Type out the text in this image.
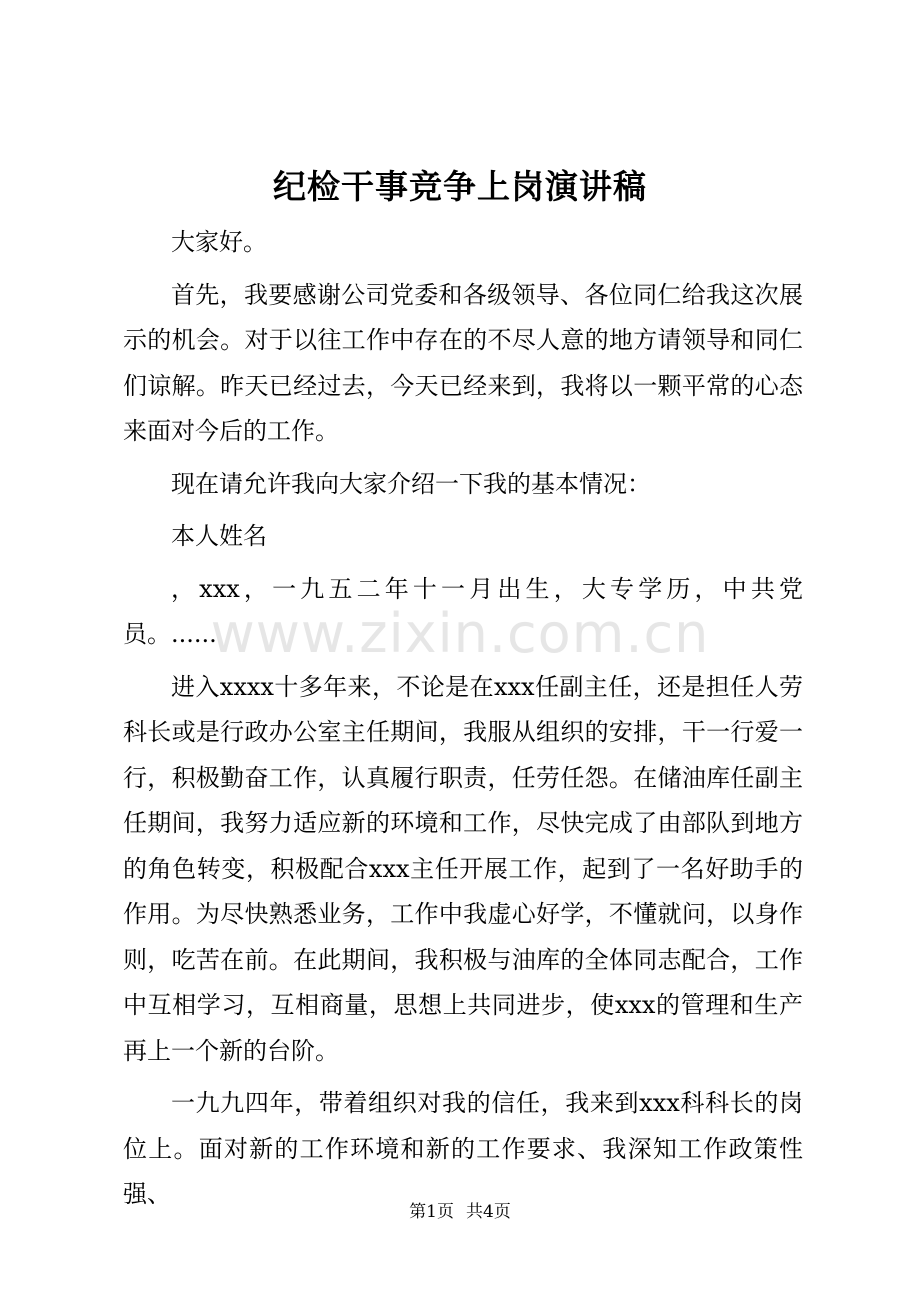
纪检干事竞争上岗演讲稿

大家好。

首先，我要感谢公司党委和各级领导、各位同仁给我这次展示的机会。对于以往工作中存在的不尽人意的地方请领导和同仁们谅解。昨天已经过去，今天已经来到，我将以一颗平常的心态来面对今后的工作。

现在请允许我向大家介绍一下我的基本情况：

本人姓名

，xxx，一九五二年十一月出生，大专学历，中共党员。......

进入xxxx十多年来，不论是在xxx任副主任，还是担任人劳科长或是行政办公室主任期间，我服从组织的安排，干一行爱一行，积极勤奋工作，认真履行职责，任劳任怨。在储油库任副主任期间，我努力适应新的环境和工作，尽快完成了由部队到地方的角色转变，积极配合xxx主任开展工作，起到了一名好助手的作用。为尽快熟悉业务，工作中我虚心好学，不懂就问，以身作则，吃苦在前。在此期间，我积极与油库的全体同志配合，工作中互相学习，互相商量，思想上共同进步，使xxx的管理和生产再上一个新的台阶。

一九九四年，带着组织对我的信任，我来到xxx科科长的岗位上。面对新的工作环境和新的工作要求、我深知工作政策性强、

www.zixin.com.cn
第1页 共4页
